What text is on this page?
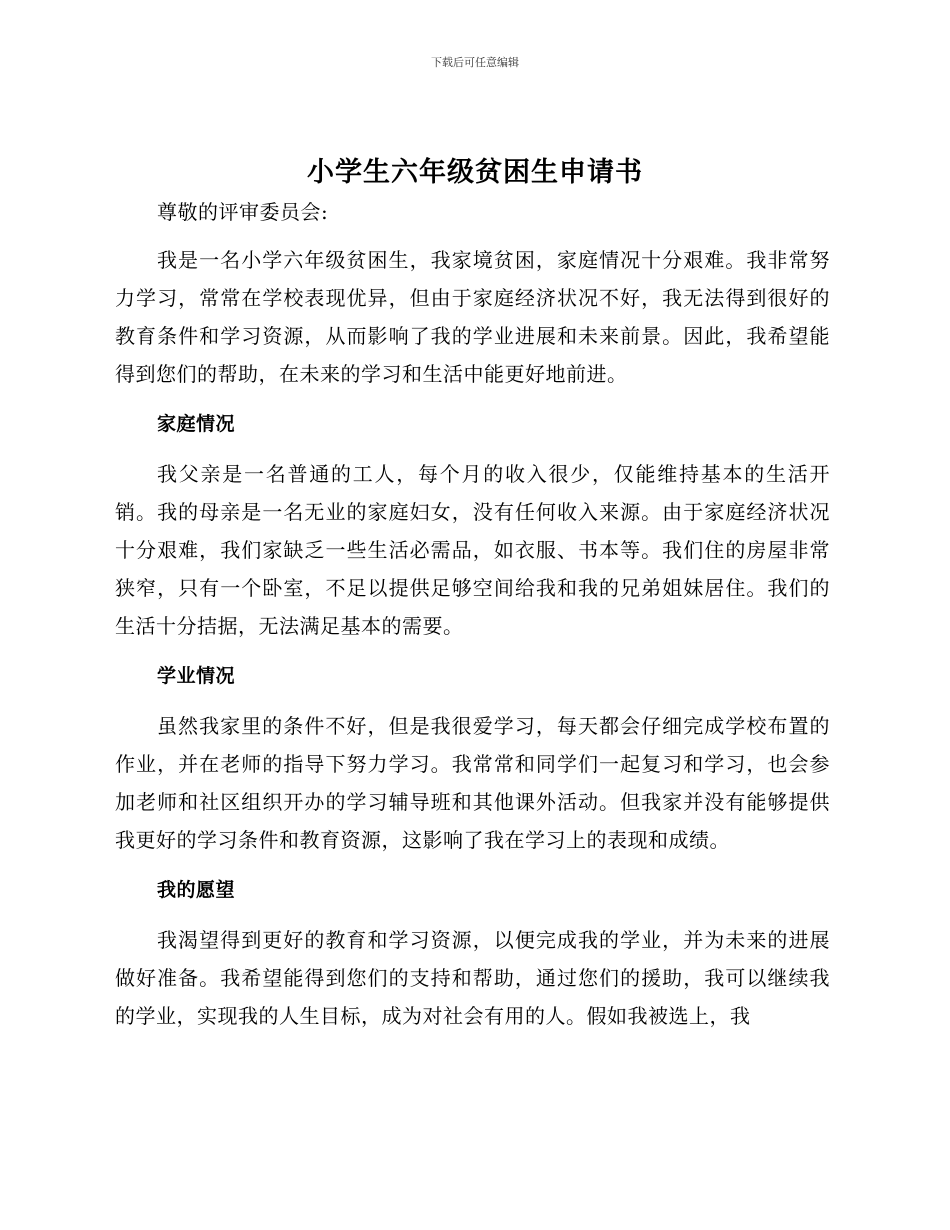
下载后可任意编辑
小学生六年级贫困生申请书

尊敬的评审委员会:

我是一名小学六年级贫困生，我家境贫困，家庭情况十分艰难。我非常努力学习，常常在学校表现优异，但由于家庭经济状况不好，我无法得到很好的教育条件和学习资源，从而影响了我的学业进展和未来前景。因此，我希望能得到您们的帮助，在未来的学习和生活中能更好地前进。

家庭情况

我父亲是一名普通的工人，每个月的收入很少，仅能维持基本的生活开销。我的母亲是一名无业的家庭妇女，没有任何收入来源。由于家庭经济状况十分艰难，我们家缺乏一些生活必需品，如衣服、书本等。我们住的房屋非常狭窄，只有一个卧室，不足以提供足够空间给我和我的兄弟姐妹居住。我们的生活十分拮据，无法满足基本的需要。

学业情况

虽然我家里的条件不好，但是我很爱学习，每天都会仔细完成学校布置的作业，并在老师的指导下努力学习。我常常和同学们一起复习和学习，也会参加老师和社区组织开办的学习辅导班和其他课外活动。但我家并没有能够提供我更好的学习条件和教育资源，这影响了我在学习上的表现和成绩。

我的愿望

我渴望得到更好的教育和学习资源，以便完成我的学业，并为未来的进展做好准备。我希望能得到您们的支持和帮助，通过您们的援助，我可以继续我的学业，实现我的人生目标，成为对社会有用的人。假如我被选上，我
